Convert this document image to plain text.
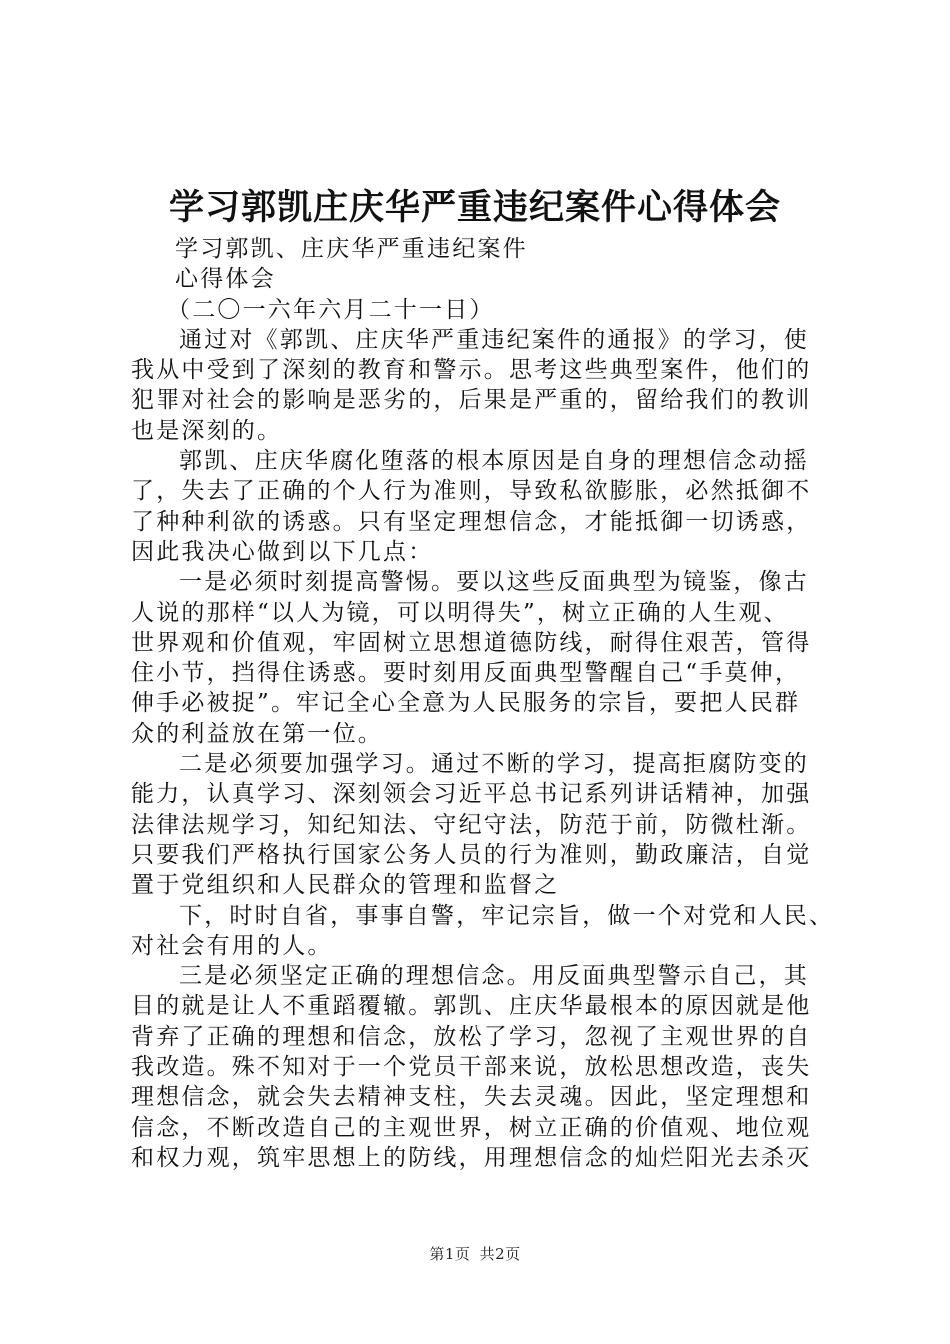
学习郭凯庄庆华严重违纪案件心得体会
学习郭凯、庄庆华严重违纪案件
心得体会
（二〇一六年六月二十一日）
通过对《郭凯、庄庆华严重违纪案件的通报》的学习，使
我从中受到了深刻的教育和警示。思考这些典型案件，他们的
犯罪对社会的影响是恶劣的，后果是严重的，留给我们的教训
也是深刻的。
郭凯、庄庆华腐化堕落的根本原因是自身的理想信念动摇
了，失去了正确的个人行为准则，导致私欲膨胀，必然抵御不
了种种利欲的诱惑。只有坚定理想信念，才能抵御一切诱惑，
因此我决心做到以下几点：
一是必须时刻提高警惕。要以这些反面典型为镜鉴，像古
人说的那样“以人为镜，可以明得失”，树立正确的人生观、
世界观和价值观，牢固树立思想道德防线，耐得住艰苦，管得
住小节，挡得住诱惑。要时刻用反面典型警醒自己“手莫伸，
伸手必被捉”。牢记全心全意为人民服务的宗旨，要把人民群
众的利益放在第一位。
二是必须要加强学习。通过不断的学习，提高拒腐防变的
能力，认真学习、深刻领会习近平总书记系列讲话精神，加强
法律法规学习，知纪知法、守纪守法，防范于前，防微杜渐。
只要我们严格执行国家公务人员的行为准则，勤政廉洁，自觉
置于党组织和人民群众的管理和监督之
下，时时自省，事事自警，牢记宗旨，做一个对党和人民、
对社会有用的人。
三是必须坚定正确的理想信念。用反面典型警示自己，其
目的就是让人不重蹈覆辙。郭凯、庄庆华最根本的原因就是他
背弃了正确的理想和信念，放松了学习，忽视了主观世界的自
我改造。殊不知对于一个党员干部来说，放松思想改造，丧失
理想信念，就会失去精神支柱，失去灵魂。因此，坚定理想和
信念，不断改造自己的主观世界，树立正确的价值观、地位观
和权力观，筑牢思想上的防线，用理想信念的灿烂阳光去杀灭
第1页 共2页
